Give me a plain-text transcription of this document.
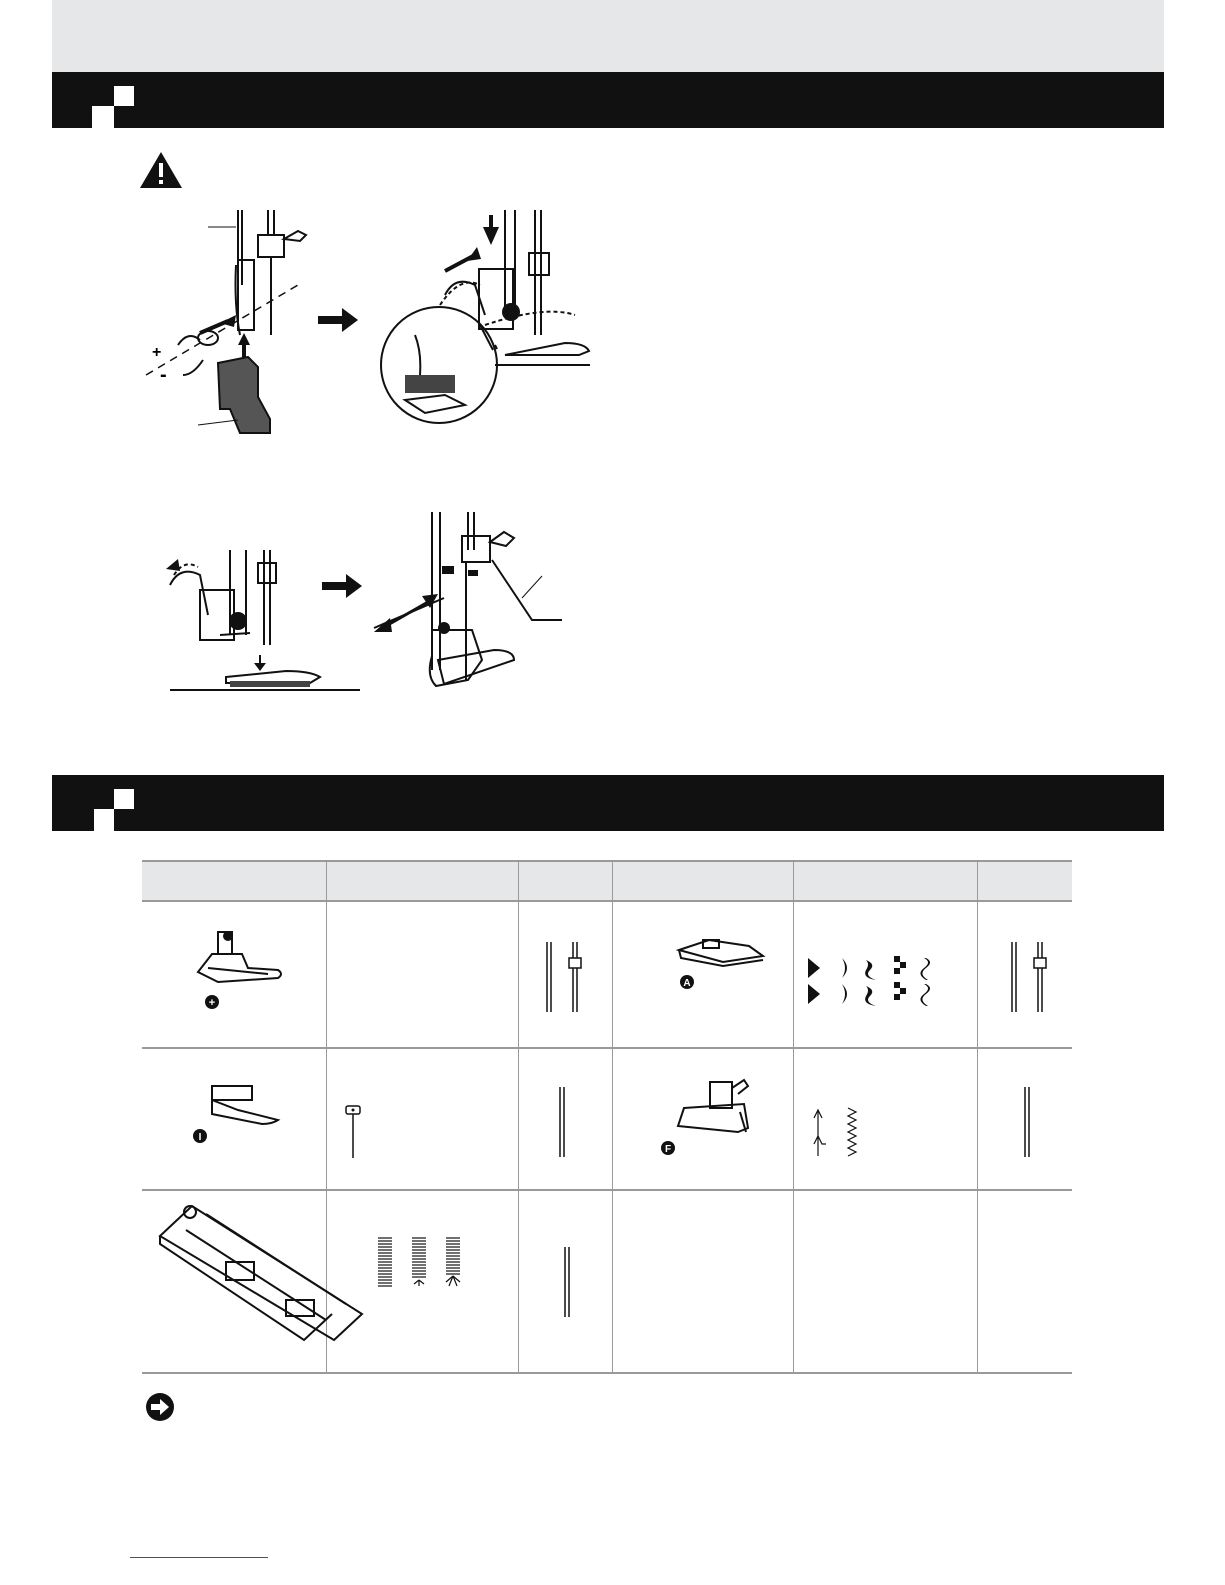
+
-
+
A
I
F
